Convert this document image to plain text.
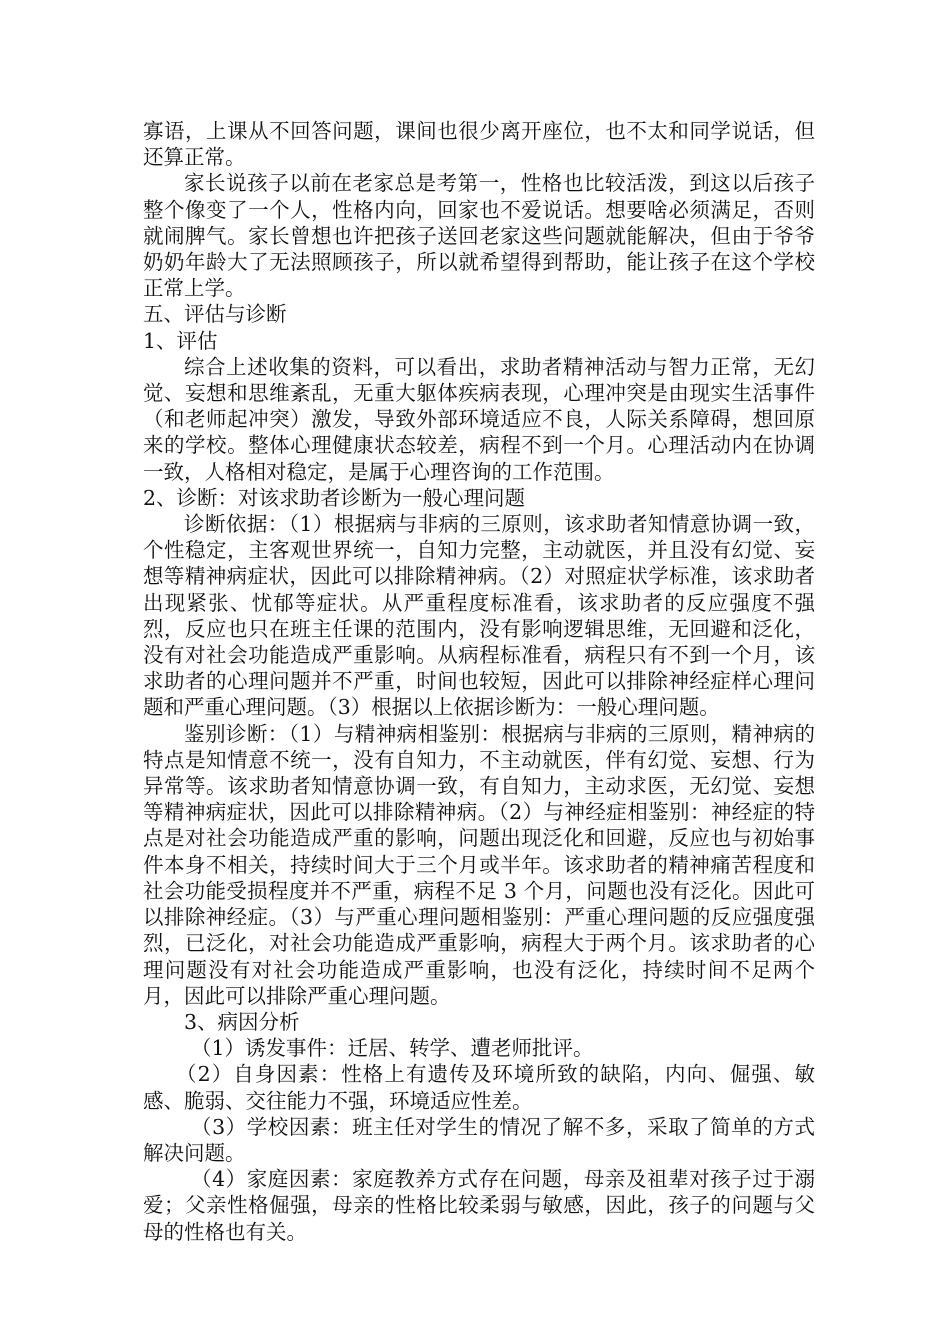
寡语，上课从不回答问题，课间也很少离开座位，也不太和同学说话，但还算正常。

家长说孩子以前在老家总是考第一，性格也比较活泼，到这以后孩子整个像变了一个人，性格内向，回家也不爱说话。想要啥必须满足，否则就闹脾气。家长曾想也许把孩子送回老家这些问题就能解决，但由于爷爷奶奶年龄大了无法照顾孩子，所以就希望得到帮助，能让孩子在这个学校正常上学。

五、评估与诊断

1、评估

综合上述收集的资料，可以看出，求助者精神活动与智力正常，无幻觉、妄想和思维紊乱，无重大躯体疾病表现，心理冲突是由现实生活事件（和老师起冲突）激发，导致外部环境适应不良，人际关系障碍，想回原来的学校。整体心理健康状态较差，病程不到一个月。心理活动内在协调一致，人格相对稳定，是属于心理咨询的工作范围。

2、诊断：对该求助者诊断为一般心理问题

诊断依据：（1）根据病与非病的三原则，该求助者知情意协调一致，个性稳定，主客观世界统一，自知力完整，主动就医，并且没有幻觉、妄想等精神病症状，因此可以排除精神病。（2）对照症状学标准，该求助者出现紧张、忧郁等症状。从严重程度标准看，该求助者的反应强度不强烈，反应也只在班主任课的范围内，没有影响逻辑思维，无回避和泛化，没有对社会功能造成严重影响。从病程标准看，病程只有不到一个月，该求助者的心理问题并不严重，时间也较短，因此可以排除神经症样心理问题和严重心理问题。（3）根据以上依据诊断为：一般心理问题。

鉴别诊断：（1）与精神病相鉴别：根据病与非病的三原则，精神病的特点是知情意不统一，没有自知力，不主动就医，伴有幻觉、妄想、行为异常等。该求助者知情意协调一致，有自知力，主动求医，无幻觉、妄想等精神病症状，因此可以排除精神病。（2）与神经症相鉴别：神经症的特点是对社会功能造成严重的影响，问题出现泛化和回避，反应也与初始事件本身不相关，持续时间大于三个月或半年。该求助者的精神痛苦程度和社会功能受损程度并不严重，病程不足 3 个月，问题也没有泛化。因此可以排除神经症。（3）与严重心理问题相鉴别：严重心理问题的反应强度强烈，已泛化，对社会功能造成严重影响，病程大于两个月。该求助者的心理问题没有对社会功能造成严重影响，也没有泛化，持续时间不足两个月，因此可以排除严重心理问题。

3、病因分析

（1）诱发事件：迁居、转学、遭老师批评。

（2）自身因素：性格上有遗传及环境所致的缺陷，内向、倔强、敏感、脆弱、交往能力不强，环境适应性差。

（3）学校因素：班主任对学生的情况了解不多，采取了简单的方式解决问题。

（4）家庭因素：家庭教养方式存在问题，母亲及祖辈对孩子过于溺爱；父亲性格倔强，母亲的性格比较柔弱与敏感，因此，孩子的问题与父母的性格也有关。
